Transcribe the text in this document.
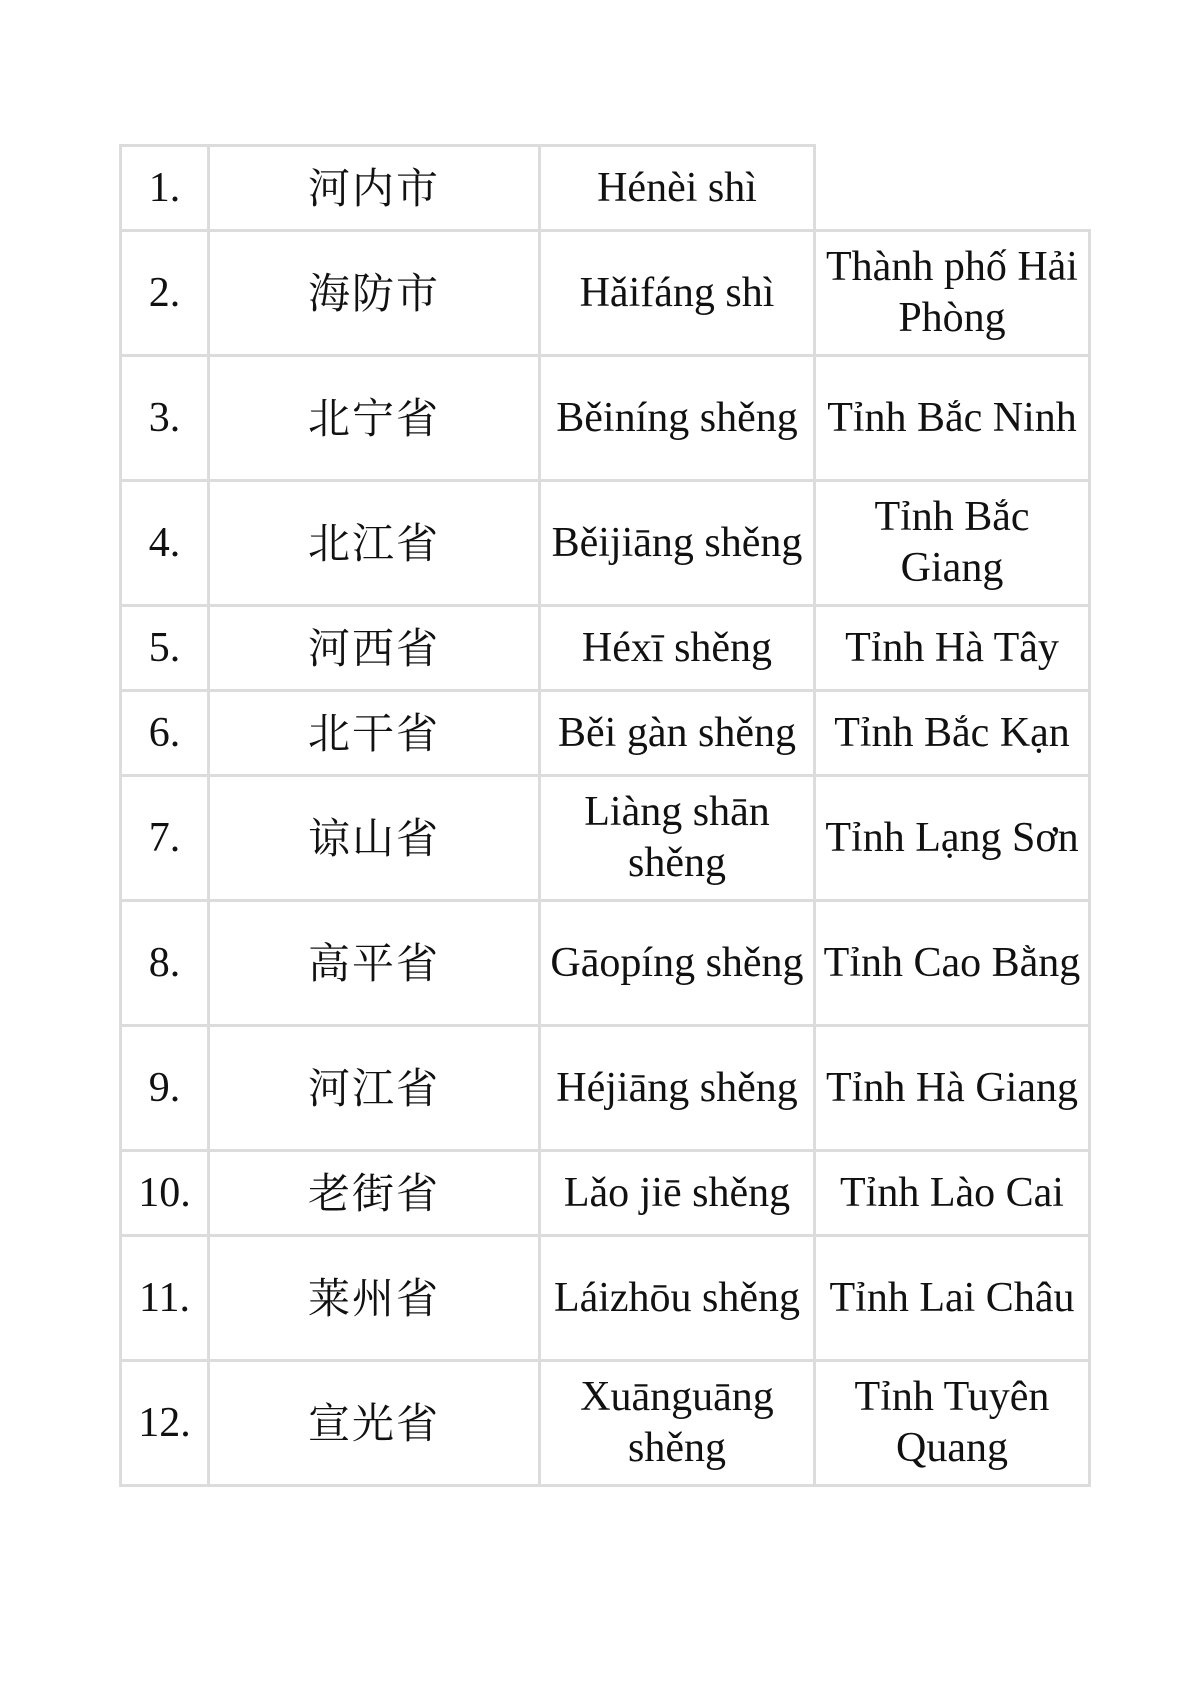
1.	河内市	Hénèi shì	
2.	海防市	Hǎifáng shì	Thành phố Hải Phòng
3.	北宁省	Běiníng shěng	Tỉnh Bắc Ninh
4.	北江省	Běijiāng shěng	Tỉnh Bắc Giang
5.	河西省	Héxī shěng	Tỉnh Hà Tây
6.	北干省	Běi gàn shěng	Tỉnh Bắc Kạn
7.	谅山省	Liàng shān shěng	Tỉnh Lạng Sơn
8.	高平省	Gāopíng shěng	Tỉnh Cao Bằng
9.	河江省	Héjiāng shěng	Tỉnh Hà Giang
10.	老街省	Lǎo jiē shěng	Tỉnh Lào Cai
11.	莱州省	Láizhōu shěng	Tỉnh Lai Châu
12.	宣光省	Xuānguāng shěng	Tỉnh Tuyên Quang
